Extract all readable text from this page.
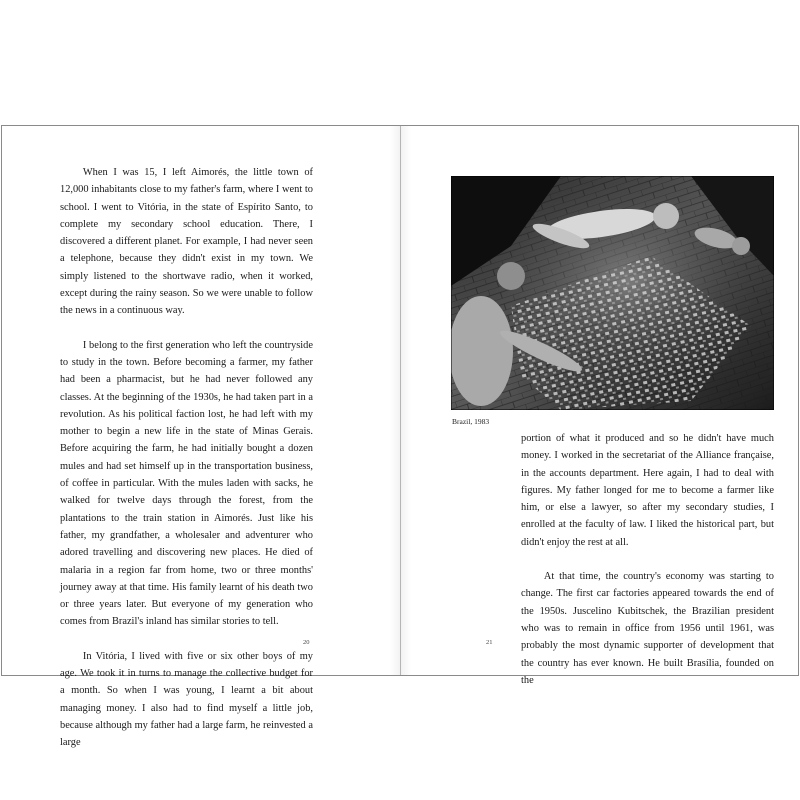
When I was 15, I left Aimorés, the little town of 12,000 inhabitants close to my father's farm, where I went to school. I went to Vitória, in the state of Espírito Santo, to complete my secondary school education. There, I discovered a different planet. For example, I had never seen a telephone, because they didn't exist in my town. We simply listened to the shortwave radio, when it worked, except during the rainy season. So we were unable to follow the news in a continuous way.

I belong to the first generation who left the countryside to study in the town. Before becoming a farmer, my father had been a pharmacist, but he had never followed any classes. At the beginning of the 1930s, he had taken part in a revolution. As his political faction lost, he had left with my mother to begin a new life in the state of Minas Gerais. Before acquiring the farm, he had initially bought a dozen mules and had set himself up in the transportation business, of coffee in particular. With the mules laden with sacks, he walked for twelve days through the forest, from the plantations to the train station in Aimorés. Just like his father, my grandfather, a wholesaler and adventurer who adored travelling and discovering new places. He died of malaria in a region far from home, two or three months' journey away at that time. His family learnt of his death two or three years later. But everyone of my generation who comes from Brazil's inland has similar stories to tell.

In Vitória, I lived with five or six other boys of my age. We took it in turns to manage the collective budget for a month. So when I was young, I learnt a bit about managing money. I also had to find myself a little job, because although my father had a large farm, he reinvested a large

20
Brazil, 1983

portion of what it produced and so he didn't have much money. I worked in the secretariat of the Alliance française, in the accounts department. Here again, I had to deal with figures. My father longed for me to become a farmer like him, or else a lawyer, so after my secondary studies, I enrolled at the faculty of law. I liked the historical part, but didn't enjoy the rest at all.

At that time, the country's economy was starting to change. The first car factories appeared towards the end of the 1950s. Juscelino Kubitschek, the Brazilian president who was to remain in office from 1956 until 1961, was probably the most dynamic supporter of development that the country has ever known. He built Brasília, founded on the

21
